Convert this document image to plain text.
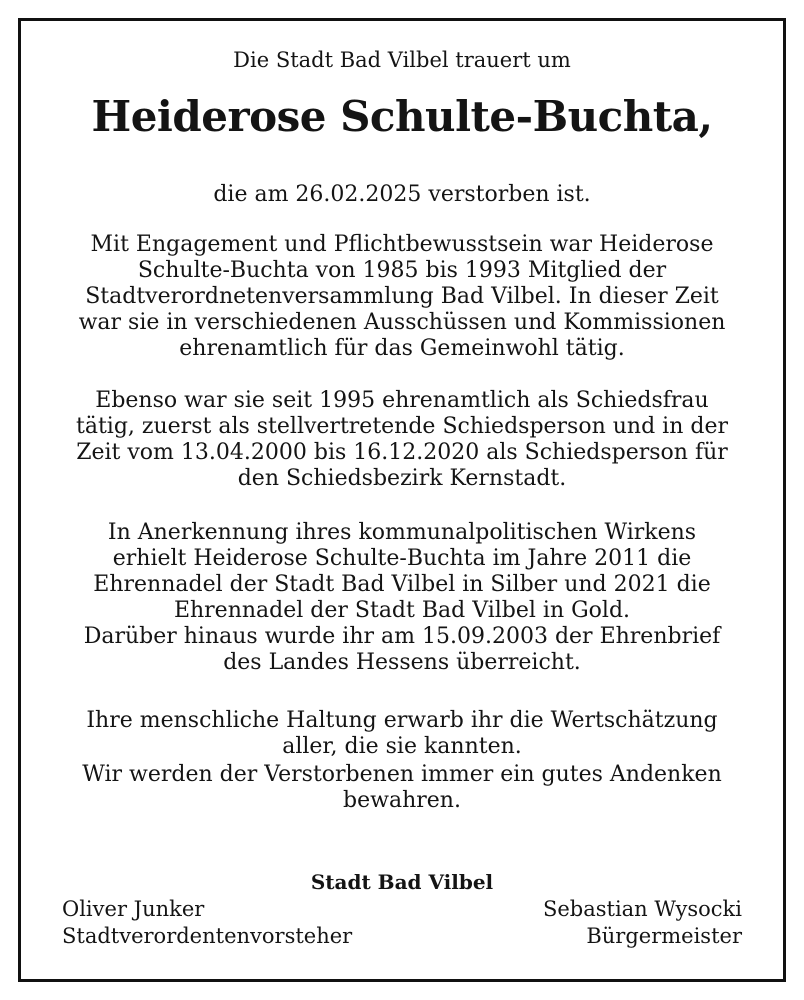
Die Stadt Bad Vilbel trauert um
Heiderose Schulte-Buchta,
die am 26.02.2025 verstorben ist.
Mit Engagement und Pflichtbewusstsein war Heiderose
Schulte-Buchta von 1985 bis 1993 Mitglied der
Stadtverordnetenversammlung Bad Vilbel. In dieser Zeit
war sie in verschiedenen Ausschüssen und Kommissionen
ehrenamtlich für das Gemeinwohl tätig.
Ebenso war sie seit 1995 ehrenamtlich als Schiedsfrau
tätig, zuerst als stellvertretende Schiedsperson und in der
Zeit vom 13.04.2000 bis 16.12.2020 als Schiedsperson für
den Schiedsbezirk Kernstadt.
In Anerkennung ihres kommunalpolitischen Wirkens
erhielt Heiderose Schulte-Buchta im Jahre 2011 die
Ehrennadel der Stadt Bad Vilbel in Silber und 2021 die
Ehrennadel der Stadt Bad Vilbel in Gold.
Darüber hinaus wurde ihr am 15.09.2003 der Ehrenbrief
des Landes Hessens überreicht.
Ihre menschliche Haltung erwarb ihr die Wertschätzung
aller, die sie kannten.
Wir werden der Verstorbenen immer ein gutes Andenken
bewahren.
Stadt Bad Vilbel
Oliver Junker
Stadtverordentenvorsteher
Sebastian Wysocki
Bürgermeister
